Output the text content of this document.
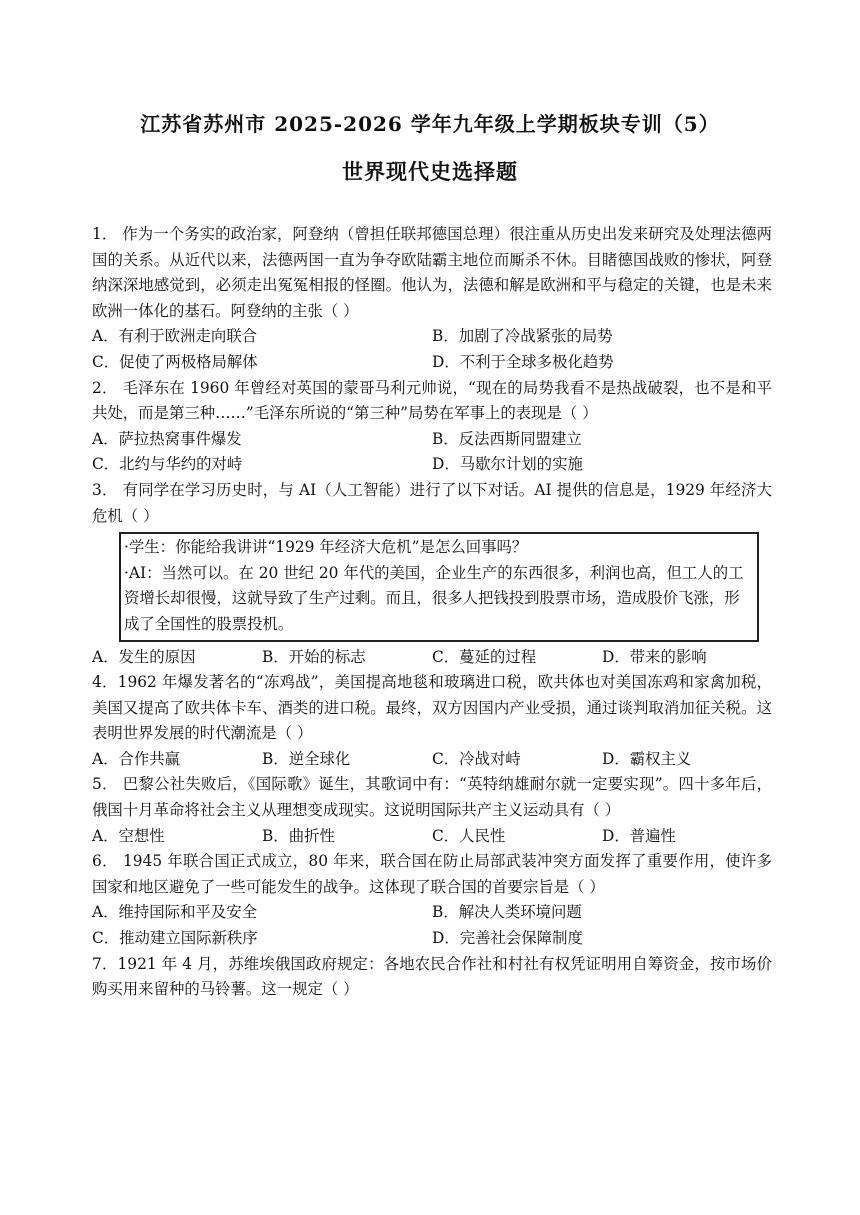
江苏省苏州市 2025-2026 学年九年级上学期板块专训（5）
世界现代史选择题

1． 作为一个务实的政治家，阿登纳（曾担任联邦德国总理）很注重从历史出发来研究及处理法德两国的关系。从近代以来，法德两国一直为争夺欧陆霸主地位而厮杀不休。目睹德国战败的惨状，阿登纳深深地感觉到，必须走出冤冤相报的怪圈。他认为，法德和解是欧洲和平与稳定的关键，也是未来欧洲一体化的基石。阿登纳的主张（ ）

A．有利于欧洲走向联合	B．加剧了冷战紧张的局势
C．促使了两极格局解体	D．不利于全球多极化趋势

2． 毛泽东在 1960 年曾经对英国的蒙哥马利元帅说，“现在的局势我看不是热战破裂，也不是和平共处，而是第三种……”毛泽东所说的“第三种”局势在军事上的表现是（ ）

A．萨拉热窝事件爆发	B．反法西斯同盟建立
C．北约与华约的对峙	D．马歇尔计划的实施

3． 有同学在学习历史时，与 AI（人工智能）进行了以下对话。AI 提供的信息是，1929 年经济大危机（ ）

·学生：你能给我讲讲“1929 年经济大危机”是怎么回事吗？

·AI：当然可以。在 20 世纪 20 年代的美国，企业生产的东西很多，利润也高，但工人的工资增长却很慢，这就导致了生产过剩。而且，很多人把钱投到股票市场，造成股价飞涨，形成了全国性的股票投机。

A．发生的原因	B．开始的标志	C．蔓延的过程	D．带来的影响

4．1962 年爆发著名的“冻鸡战”，美国提高地毯和玻璃进口税，欧共体也对美国冻鸡和家禽加税，美国又提高了欧共体卡车、酒类的进口税。最终，双方因国内产业受损，通过谈判取消加征关税。这表明世界发展的时代潮流是（ ）

A．合作共赢	B．逆全球化	C．冷战对峙	D．霸权主义

5． 巴黎公社失败后，《国际歌》诞生，其歌词中有：“英特纳雄耐尔就一定要实现”。四十多年后，俄国十月革命将社会主义从理想变成现实。这说明国际共产主义运动具有（ ）

A．空想性	B．曲折性	C．人民性	D．普遍性

6． 1945 年联合国正式成立，80 年来，联合国在防止局部武装冲突方面发挥了重要作用，使许多国家和地区避免了一些可能发生的战争。这体现了联合国的首要宗旨是（ ）

A．维持国际和平及安全	B．解决人类环境问题
C．推动建立国际新秩序	D．完善社会保障制度

7．1921 年 4 月，苏维埃俄国政府规定：各地农民合作社和村社有权凭证明用自筹资金，按市场价购买用来留种的马铃薯。这一规定（ ）
